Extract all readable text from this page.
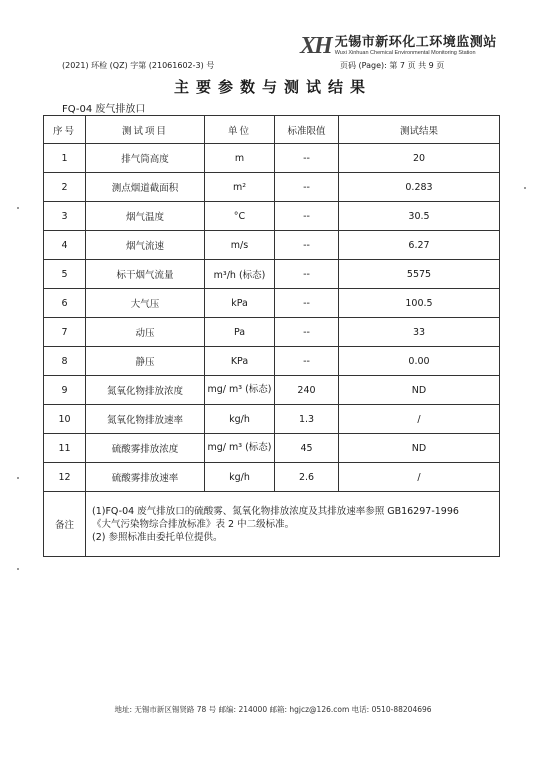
XH 无锡市新环化工环境监测站
Wuxi Xinhuan Chemical Environmental Monitoring Station
(2021) 环检 (QZ) 字第 (21061602-3) 号	页码 (Page): 第 7 页 共 9 页
主要参数与测试结果
FQ-04 废气排放口
序号	测试项目	单位	标准限值	测试结果
1	排气筒高度	m	--	20
2	测点烟道截面积	m²	--	0.283
3	烟气温度	°C	--	30.5
4	烟气流速	m/s	--	6.27
5	标干烟气流量	m³/h (标态)	--	5575
6	大气压	kPa	--	100.5
7	动压	Pa	--	33
8	静压	KPa	--	0.00
9	氮氧化物排放浓度	mg/ m³ (标态)	240	ND
10	氮氧化物排放速率	kg/h	1.3	/
11	硫酸雾排放浓度	mg/ m³ (标态)	45	ND
12	硫酸雾排放速率	kg/h	2.6	/
备注	(1)FQ-04 废气排放口的硫酸雾、氮氧化物排放浓度及其排放速率参照 GB16297-1996
《大气污染物综合排放标准》表 2 中二级标准。
(2) 参照标准由委托单位提供。			
地址: 无锡市新区锡贤路 78 号 邮编: 214000 邮箱: hgjcz@126.com 电话: 0510-88204696
